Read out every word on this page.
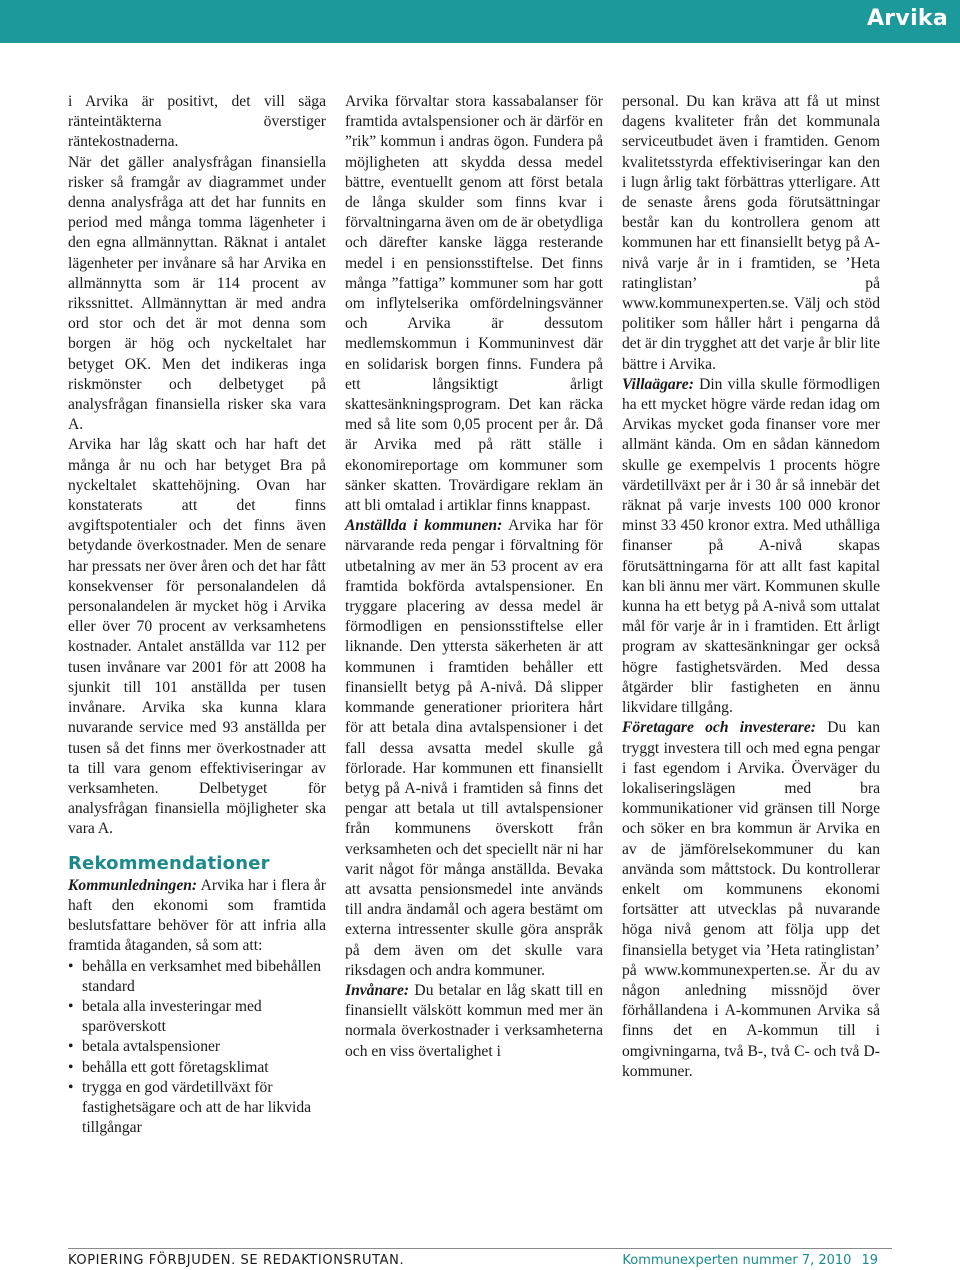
Arvika

i Arvika är positivt, det vill säga ränteintäkterna överstiger räntekostnaderna.

När det gäller analysfrågan finansiella risker så framgår av diagrammet under denna analysfråga att det har funnits en period med många tomma lägenheter i den egna allmännyttan. Räknat i antalet lägenheter per invånare så har Arvika en allmännytta som är 114 procent av rikssnittet. Allmännyttan är med andra ord stor och det är mot denna som borgen är hög och nyckeltalet har betyget OK. Men det indikeras inga riskmönster och delbetyget på analysfrågan finansiella risker ska vara A.

Arvika har låg skatt och har haft det många år nu och har betyget Bra på nyckeltalet skattehöjning. Ovan har konstaterats att det finns avgiftspotentialer och det finns även betydande överkostnader. Men de senare har pressats ner över åren och det har fått konsekvenser för personalandelen då personalandelen är mycket hög i Arvika eller över 70 procent av verksamhetens kostnader. Antalet anställda var 112 per tusen invånare var 2001 för att 2008 ha sjunkit till 101 anställda per tusen invånare. Arvika ska kunna klara nuvarande service med 93 anställda per tusen så det finns mer överkostnader att ta till vara genom effektiviseringar av verksamheten. Delbetyget för analysfrågan finansiella möjligheter ska vara A.

Rekommendationer

Kommunledningen: Arvika har i flera år haft den ekonomi som framtida beslutsfattare behöver för att infria alla framtida åtaganden, så som att:

• behålla en verksamhet med bibehållen standard
• betala alla investeringar med sparöverskott
• betala avtalspensioner
• behålla ett gott företagsklimat
• trygga en god värdetillväxt för fastighetsägare och att de har likvida tillgångar

Arvika förvaltar stora kassabalanser för framtida avtalspensioner och är därför en ”rik” kommun i andras ögon. Fundera på möjligheten att skydda dessa medel bättre, eventuellt genom att först betala de långa skulder som finns kvar i förvaltningarna även om de är obetydliga och därefter kanske lägga resterande medel i en pensionsstiftelse. Det finns många ”fattiga” kommuner som har gott om inflytelserika omfördelningsvänner och Arvika är dessutom medlemskommun i Kommuninvest där en solidarisk borgen finns. Fundera på ett långsiktigt årligt skattesänkningsprogram. Det kan räcka med så lite som 0,05 procent per år. Då är Arvika med på rätt ställe i ekonomireportage om kommuner som sänker skatten. Trovärdigare reklam än att bli omtalad i artiklar finns knappast.

Anställda i kommunen: Arvika har för närvarande reda pengar i förvaltning för utbetalning av mer än 53 procent av era framtida bokförda avtalspensioner. En tryggare placering av dessa medel är förmodligen en pensionsstiftelse eller liknande. Den yttersta säkerheten är att kommunen i framtiden behåller ett finansiellt betyg på A-nivå. Då slipper kommande generationer prioritera hårt för att betala dina avtalspensioner i det fall dessa avsatta medel skulle gå förlorade. Har kommunen ett finansiellt betyg på A-nivå i framtiden så finns det pengar att betala ut till avtalspensioner från kommunens överskott från verksamheten och det speciellt när ni har varit något för många anställda. Bevaka att avsatta pensionsmedel inte används till andra ändamål och agera bestämt om externa intressenter skulle göra anspråk på dem även om det skulle vara riksdagen och andra kommuner.

Invånare: Du betalar en låg skatt till en finansiellt välskött kommun med mer än normala överkostnader i verksamheterna och en viss övertalighet i

personal. Du kan kräva att få ut minst dagens kvaliteter från det kommunala serviceutbudet även i framtiden. Genom kvalitetsstyrda effektiviseringar kan den i lugn årlig takt förbättras ytterligare. Att de senaste årens goda förutsättningar består kan du kontrollera genom att kommunen har ett finansiellt betyg på A-nivå varje år in i framtiden, se ’Heta ratinglistan’ på www.kommunexperten.se. Välj och stöd politiker som håller hårt i pengarna då det är din trygghet att det varje år blir lite bättre i Arvika.

Villaägare: Din villa skulle förmodligen ha ett mycket högre värde redan idag om Arvikas mycket goda finanser vore mer allmänt kända. Om en sådan kännedom skulle ge exempelvis 1 procents högre värdetillväxt per år i 30 år så innebär det räknat på varje invests 100 000 kronor minst 33 450 kronor extra. Med uthålliga finanser på A-nivå skapas förutsättningarna för att allt fast kapital kan bli ännu mer värt. Kommunen skulle kunna ha ett betyg på A-nivå som uttalat mål för varje år in i framtiden. Ett årligt program av skattesänkningar ger också högre fastighetsvärden. Med dessa åtgärder blir fastigheten en ännu likvidare tillgång.

Företagare och investerare: Du kan tryggt investera till och med egna pengar i fast egendom i Arvika. Överväger du lokaliseringslägen med bra kommunikationer vid gränsen till Norge och söker en bra kommun är Arvika en av de jämförelsekommuner du kan använda som måttstock. Du kontrollerar enkelt om kommunens ekonomi fortsätter att utvecklas på nuvarande höga nivå genom att följa upp det finansiella betyget via ’Heta ratinglistan’ på www.kommunexperten.se. Är du av någon anledning missnöjd över förhållandena i A-kommunen Arvika så finns det en A-kommun till i omgivningarna, två B-, två C- och två D-kommuner.

KOPIERING FÖRBJUDEN. SE REDAKTIONSRUTAN.	Kommunexperten nummer 7, 2010 19
